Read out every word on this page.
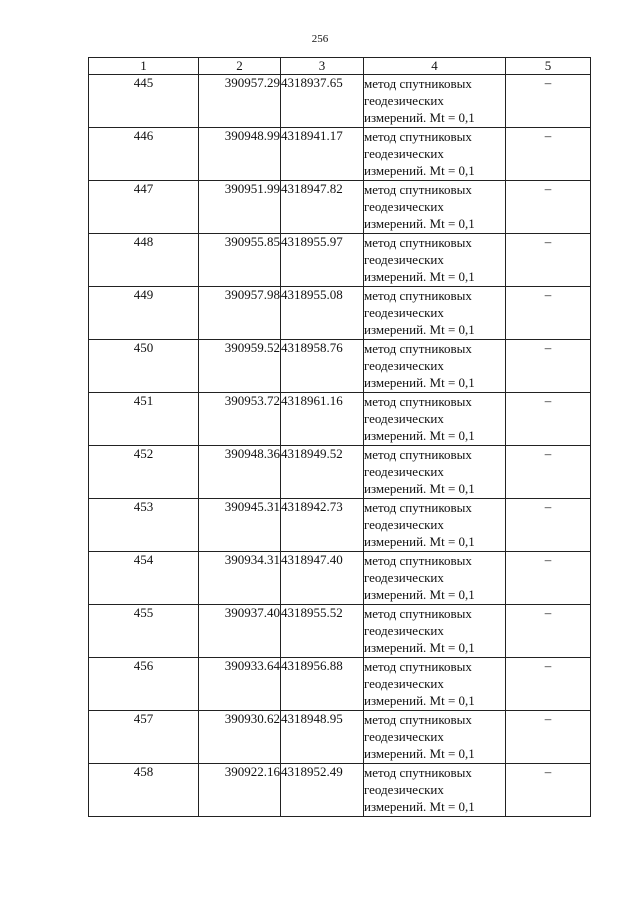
256
1	2	3	4	5
445	390957.29	4318937.65	метод спутниковых
геодезических
измерений. Mt = 0,1	–
446	390948.99	4318941.17	метод спутниковых
геодезических
измерений. Mt = 0,1	–
447	390951.99	4318947.82	метод спутниковых
геодезических
измерений. Mt = 0,1	–
448	390955.85	4318955.97	метод спутниковых
геодезических
измерений. Mt = 0,1	–
449	390957.98	4318955.08	метод спутниковых
геодезических
измерений. Mt = 0,1	–
450	390959.52	4318958.76	метод спутниковых
геодезических
измерений. Mt = 0,1	–
451	390953.72	4318961.16	метод спутниковых
геодезических
измерений. Mt = 0,1	–
452	390948.36	4318949.52	метод спутниковых
геодезических
измерений. Mt = 0,1	–
453	390945.31	4318942.73	метод спутниковых
геодезических
измерений. Mt = 0,1	–
454	390934.31	4318947.40	метод спутниковых
геодезических
измерений. Mt = 0,1	–
455	390937.40	4318955.52	метод спутниковых
геодезических
измерений. Mt = 0,1	–
456	390933.64	4318956.88	метод спутниковых
геодезических
измерений. Mt = 0,1	–
457	390930.62	4318948.95	метод спутниковых
геодезических
измерений. Mt = 0,1	–
458	390922.16	4318952.49	метод спутниковых
геодезических
измерений. Mt = 0,1	–
